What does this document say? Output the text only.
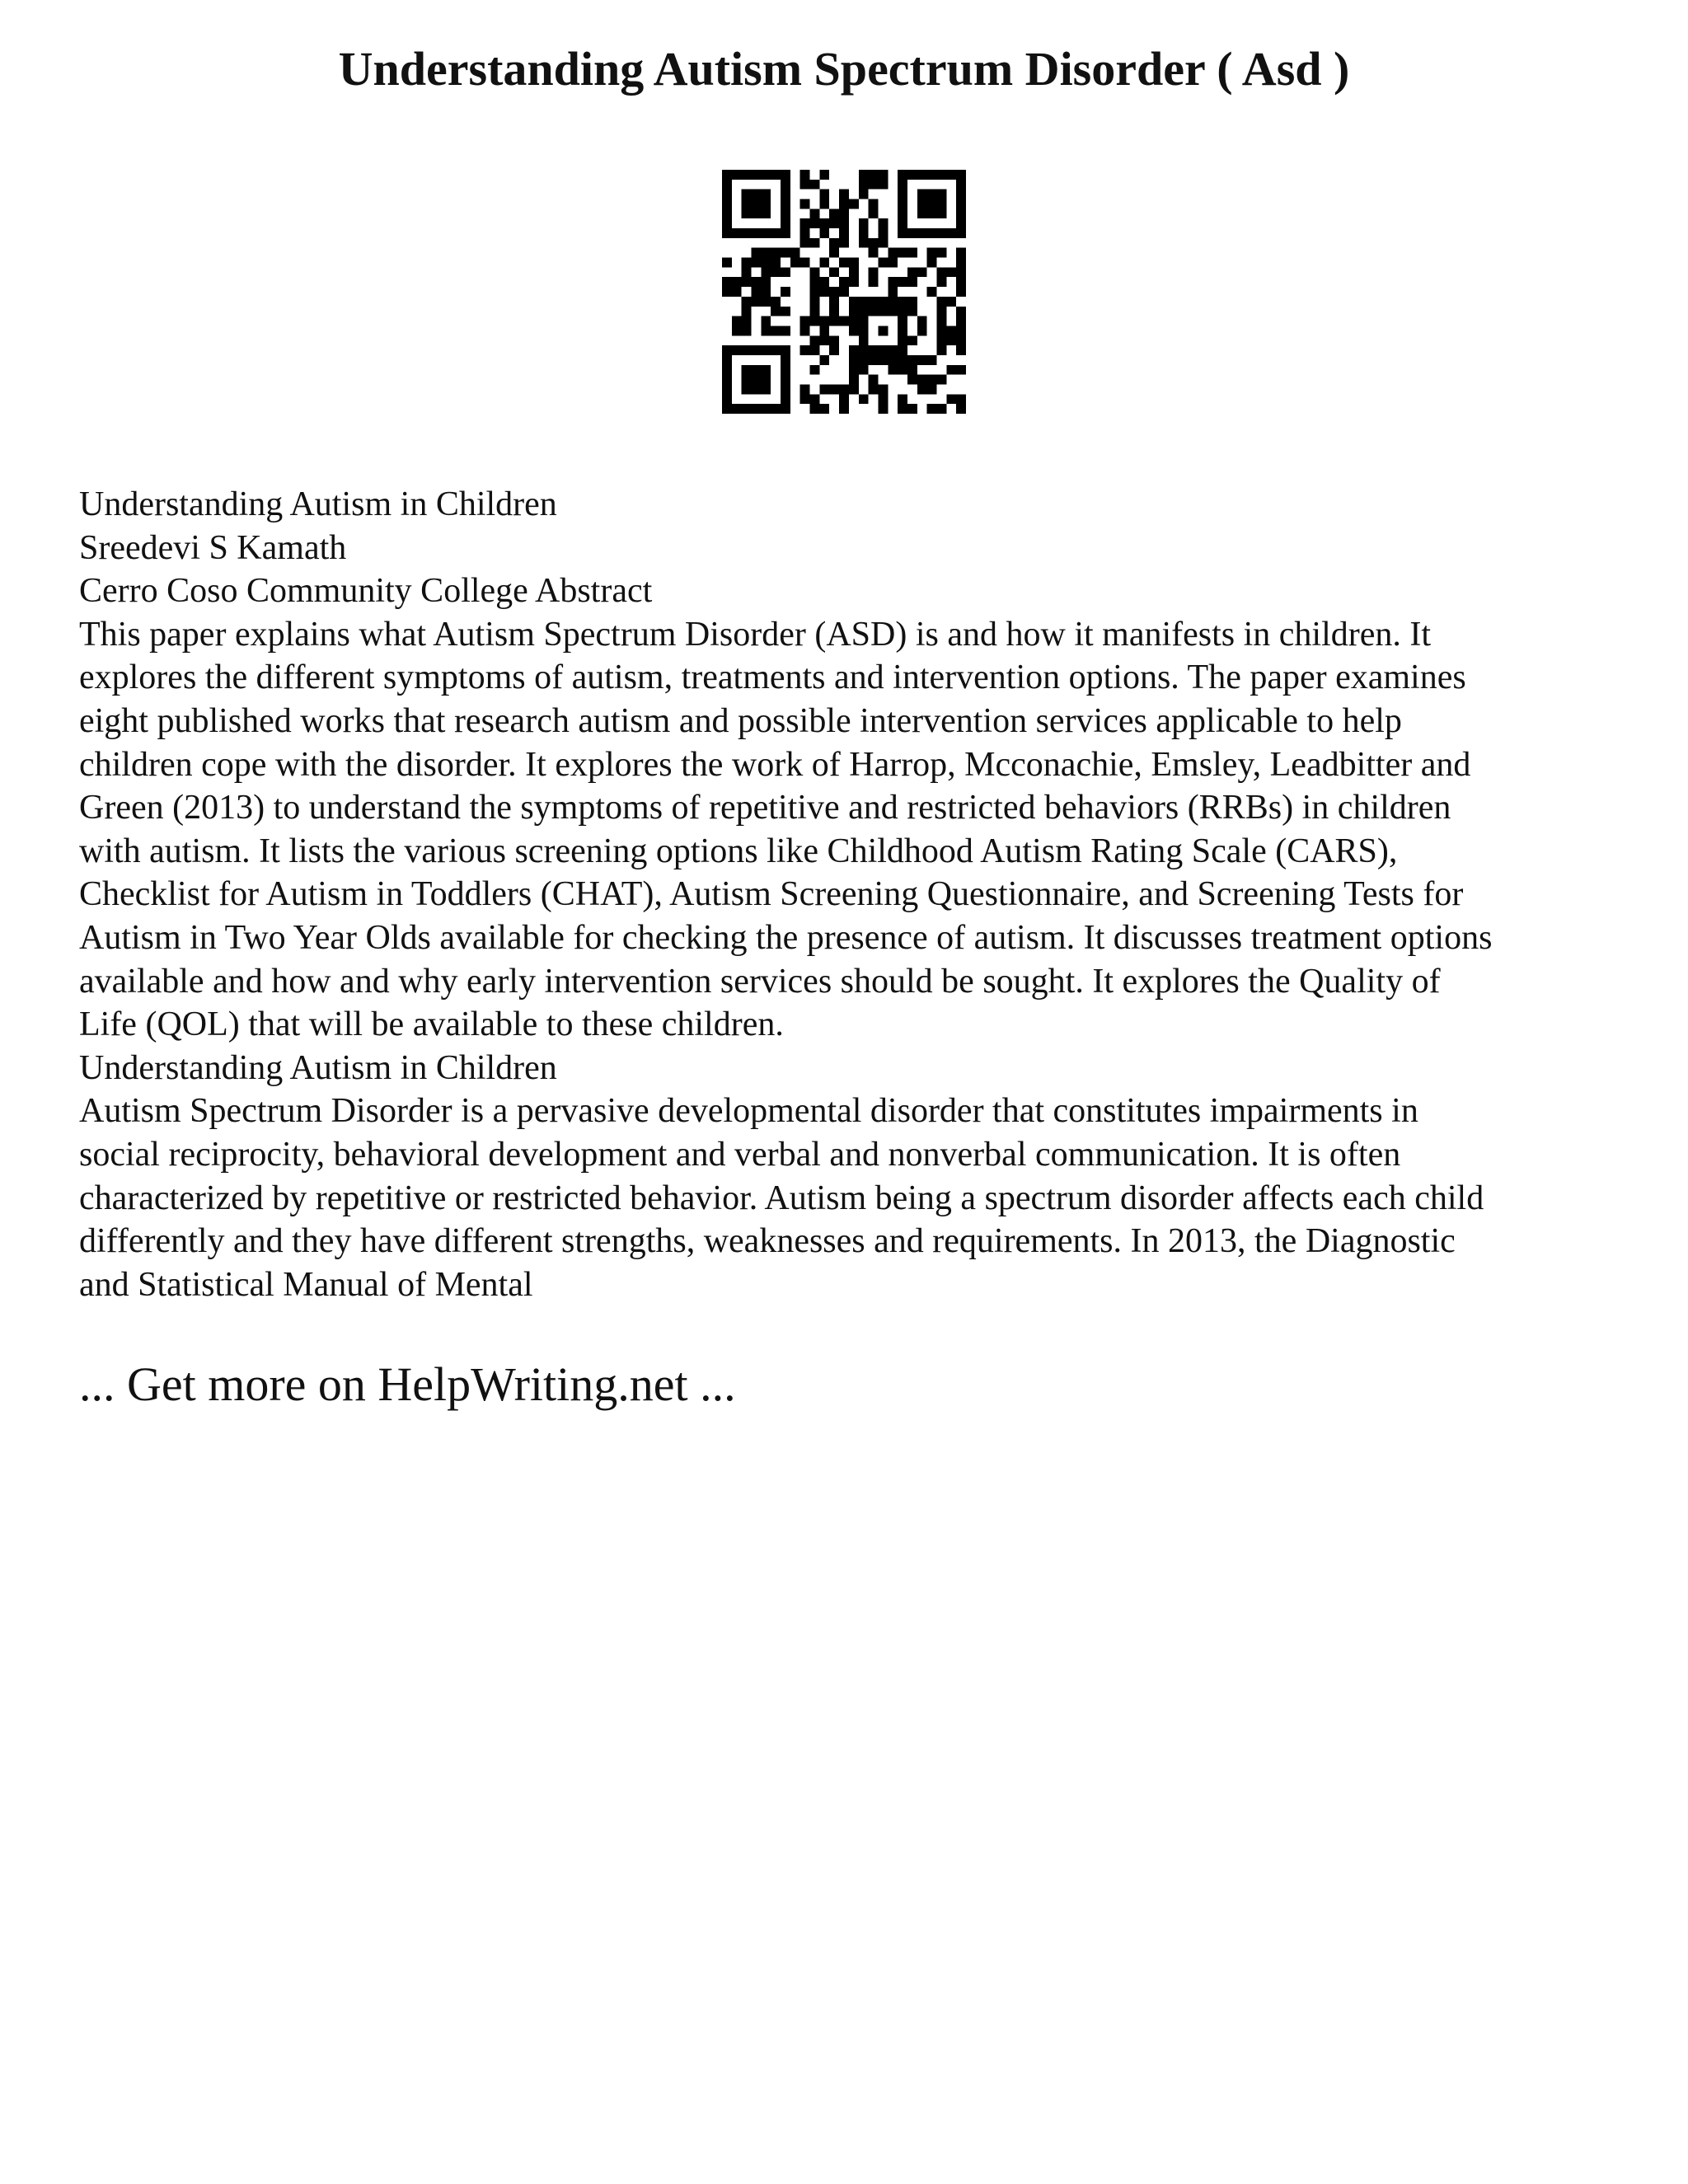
Understanding Autism Spectrum Disorder ( Asd )
Understanding Autism in Children
Sreedevi S Kamath
Cerro Coso Community College Abstract
This paper explains what Autism Spectrum Disorder (ASD) is and how it manifests in children. It
explores the different symptoms of autism, treatments and intervention options. The paper examines
eight published works that research autism and possible intervention services applicable to help
children cope with the disorder. It explores the work of Harrop, Mcconachie, Emsley, Leadbitter and
Green (2013) to understand the symptoms of repetitive and restricted behaviors (RRBs) in children
with autism. It lists the various screening options like Childhood Autism Rating Scale (CARS),
Checklist for Autism in Toddlers (CHAT), Autism Screening Questionnaire, and Screening Tests for
Autism in Two Year Olds available for checking the presence of autism. It discusses treatment options
available and how and why early intervention services should be sought. It explores the Quality of
Life (QOL) that will be available to these children.
Understanding Autism in Children
Autism Spectrum Disorder is a pervasive developmental disorder that constitutes impairments in
social reciprocity, behavioral development and verbal and nonverbal communication. It is often
characterized by repetitive or restricted behavior. Autism being a spectrum disorder affects each child
differently and they have different strengths, weaknesses and requirements. In 2013, the Diagnostic
and Statistical Manual of Mental
... Get more on HelpWriting.net ...
